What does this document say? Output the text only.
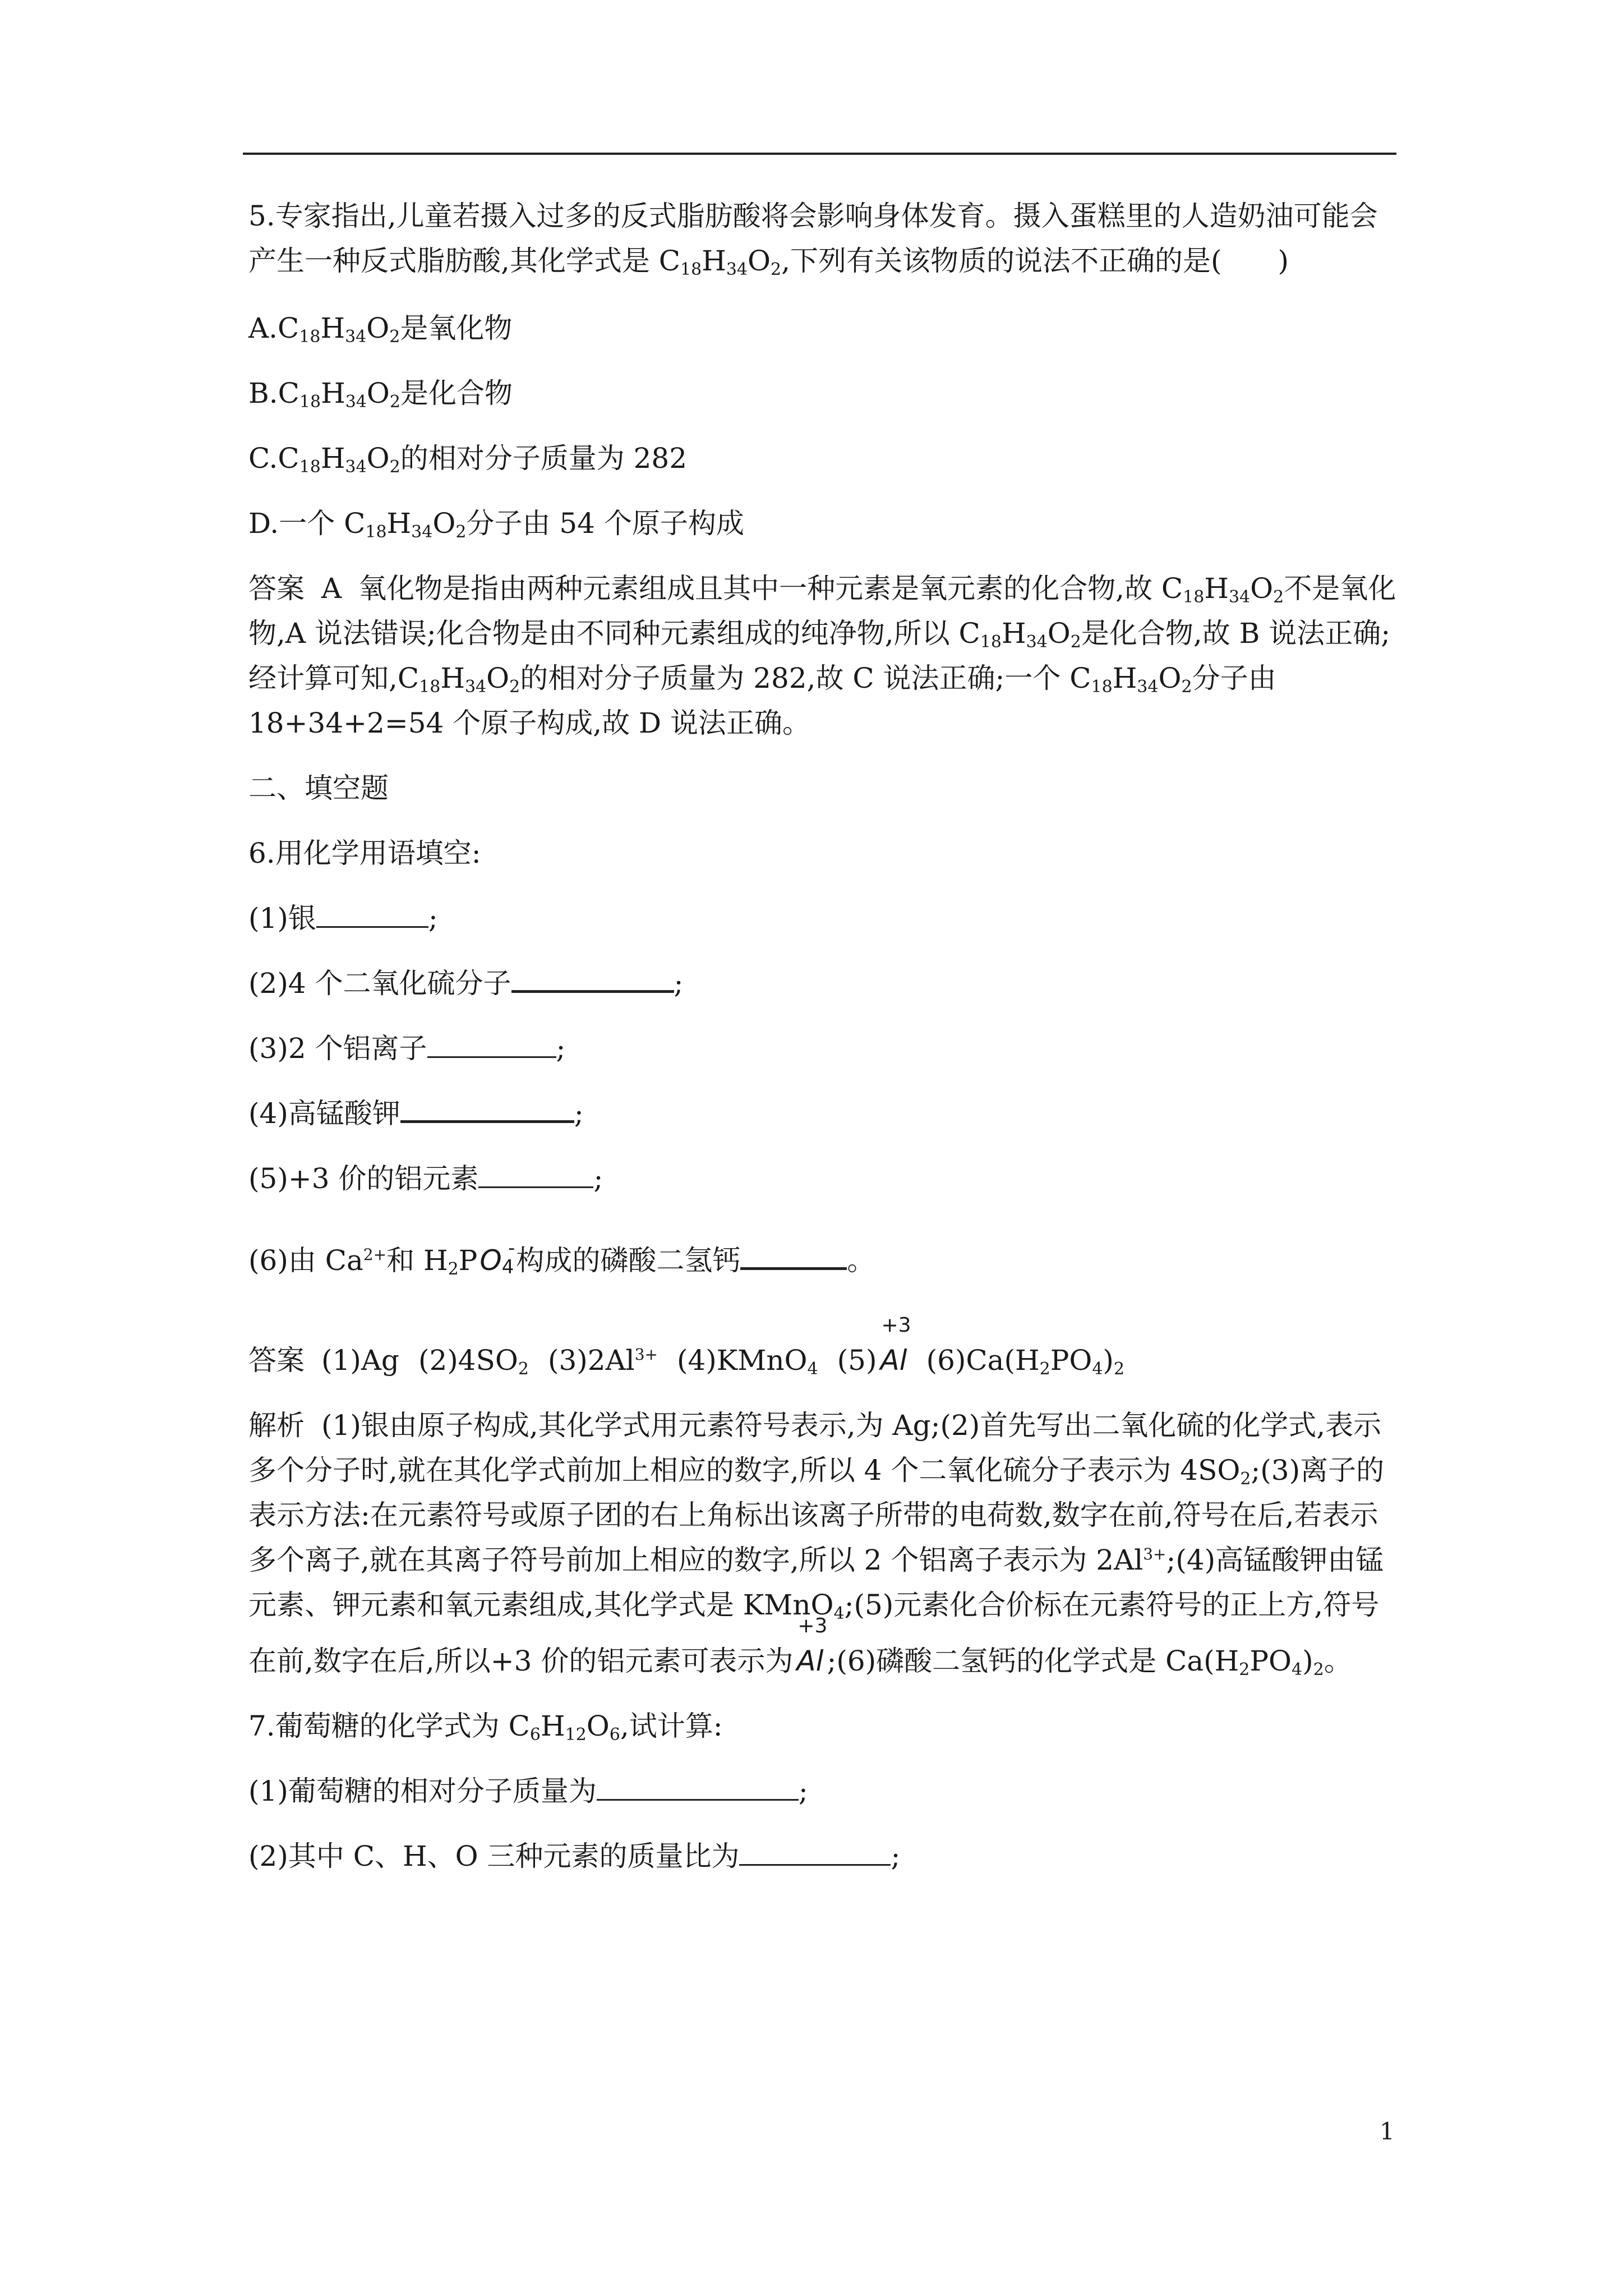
5.专家指出,儿童若摄入过多的反式脂肪酸将会影响身体发育。摄入蛋糕里的人造奶油可能会产生一种反式脂肪酸,其化学式是 $C_{18}H_{34}O_2$,下列有关该物质的说法不正确的是(　　)
$A.C_{18}H_{34}O_2$是氧化物
$B.C_{18}H_{34}O_2$是化合物
$C.C_{18}H_{34}O_2$的相对分子质量为 282
D.一个 $C_{18}H_{34}O_2$分子由 54 个原子构成
答案 A 氧化物是指由两种元素组成且其中一种元素是氧元素的化合物,故 $C_{18}H_{34}O_2$不是氧化物,A 说法错误;化合物是由不同种元素组成的纯净物,所以 $C_{18}H_{34}O_2$是化合物,故 B 说法正确;经计算可知$,C_{18}H_{34}O_2$的相对分子质量为 282,故 C 说法正确;一个 $C_{18}H_{34}O_2$分子由 18+34+2=54 个原子构成,故 D 说法正确。
二、填空题
6.用化学用语填空:
(1)银	;
(2)4 个二氧化硫分子	;
(3)2 个铝离子	;
(4)高锰酸钾	;
(5)+3 价的铝元素	;
(6)由 $Ca^{2+}$和 $H_2PO$ -
4构成的磷酸二氢钙	。
答案 (1)Ag $(2)4SO_2$ $(3)2Al^{3+}$ (4)KMnO$_4$ (5)
+3
Al $(6)Ca(H_2PO_4)_2$
解析 (1)银由原子构成,其化学式用元素符号表示,为 Ag;(2)首先写出二氧化硫的化学式,表示多个分子时,就在其化学式前加上相应的数字,所以 4 个二氧化硫分子表示为 $4SO_2;(3)$离子的表示方法:在元素符号或原子团的右上角标出该离子所带的电荷数,数字在前,符号在后,若表示多个离子,就在其离子符号前加上相应的数字,所以 2 个铝离子表示为 $2Al^{3+};(4)$高锰酸钾由锰元素、钾元素和氧元素组成,其化学式是 KMnO$_4$;(5)元素化合价标在元素符号的正上方,符号在前,数字在后,所以+3 价的铝元素可表示为
+3
Al ;(6)磷酸二氢钙的化学式是 $Ca(H_2PO_4)_2$。
7.葡萄糖的化学式为 $C_6H_{12}O_6$,试计算:
(1)葡萄糖的相对分子质量为	;
(2)其中 C、H、O 三种元素的质量比为	;
1
